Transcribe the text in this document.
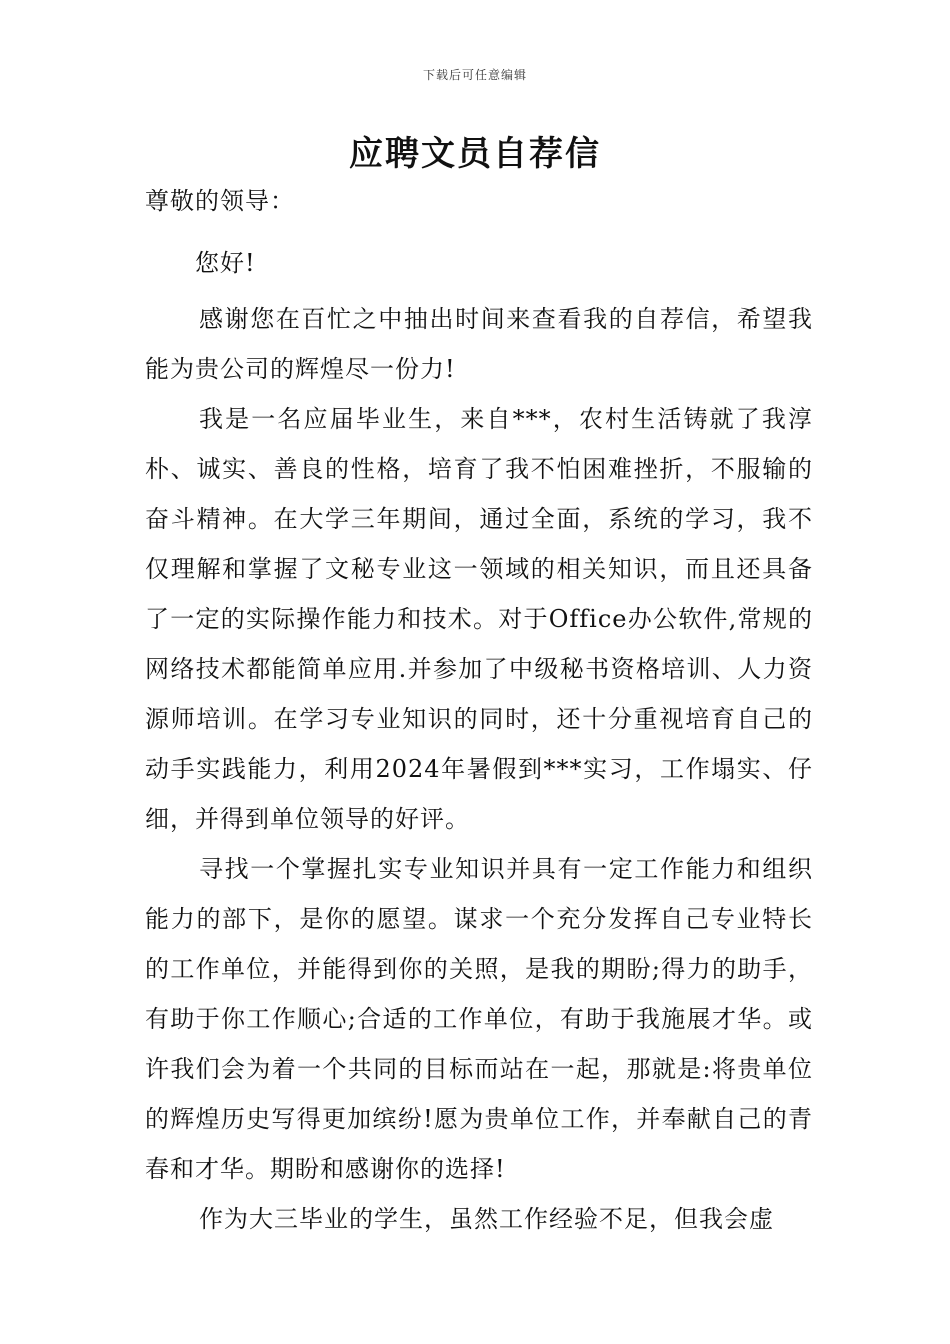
下载后可任意编辑
应聘文员自荐信

尊敬的领导：

您好!

感谢您在百忙之中抽出时间来查看我的自荐信，希望我能为贵公司的辉煌尽一份力!

我是一名应届毕业生，来自***，农村生活铸就了我淳朴、诚实、善良的性格，培育了我不怕困难挫折，不服输的奋斗精神。在大学三年期间，通过全面，系统的学习，我不仅理解和掌握了文秘专业这一领域的相关知识，而且还具备了一定的实际操作能力和技术。对于Office办公软件,常规的网络技术都能简单应用.并参加了中级秘书资格培训、人力资源师培训。在学习专业知识的同时，还十分重视培育自己的动手实践能力，利用2024年暑假到***实习，工作塌实、仔细，并得到单位领导的好评。

寻找一个掌握扎实专业知识并具有一定工作能力和组织能力的部下，是你的愿望。谋求一个充分发挥自己专业特长的工作单位，并能得到你的关照，是我的期盼;得力的助手，有助于你工作顺心;合适的工作单位，有助于我施展才华。或许我们会为着一个共同的目标而站在一起，那就是:将贵单位的辉煌历史写得更加缤纷!愿为贵单位工作，并奉献自己的青春和才华。期盼和感谢你的选择!

作为大三毕业的学生，虽然工作经验不足，但我会虚
